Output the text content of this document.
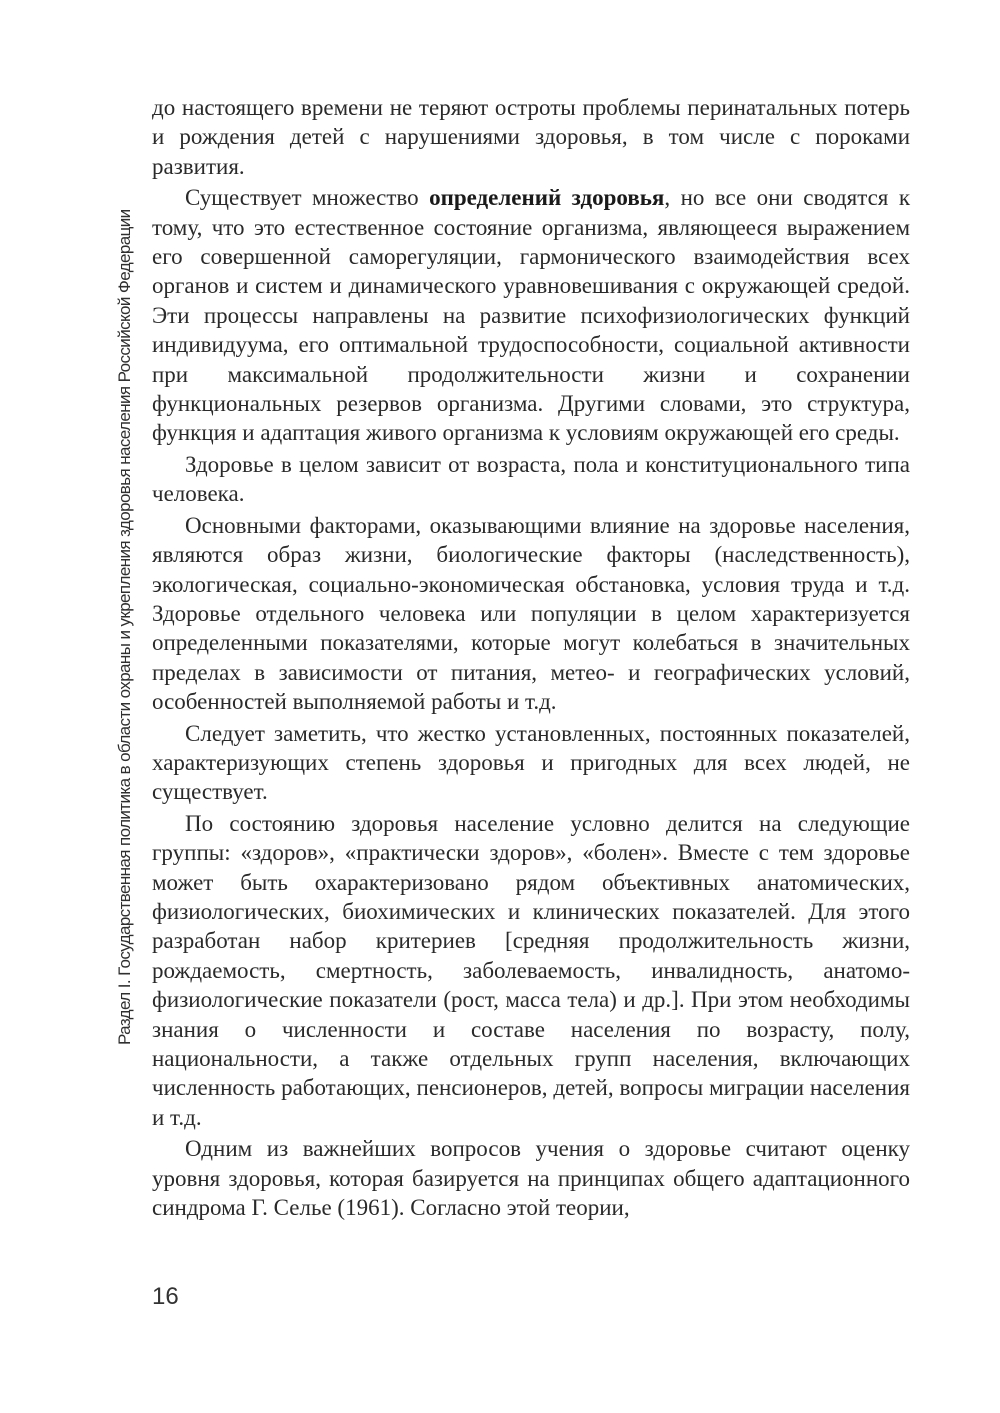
Раздел I. Государственная политика в области охраны и укрепления здоровья населения Российской Федерации

до настоящего времени не теряют остроты проблемы перинатальных потерь и рождения детей с нарушениями здоровья, в том числе с пороками развития.

Существует множество определений здоровья, но все они сводятся к тому, что это естественное состояние организма, являющееся выражением его совершенной саморегуляции, гармонического взаимодействия всех органов и систем и динамического уравновешивания с окружающей средой. Эти процессы направлены на развитие психофизиологических функций индивидуума, его оптимальной трудоспособности, социальной активности при максимальной продолжительности жизни и сохранении функциональных резервов организма. Другими словами, это структура, функция и адаптация живого организма к условиям окружающей его среды.

Здоровье в целом зависит от возраста, пола и конституционального типа человека.

Основными факторами, оказывающими влияние на здоровье населения, являются образ жизни, биологические факторы (наследственность), экологическая, социально-экономическая обстановка, условия труда и т.д. Здоровье отдельного человека или популяции в целом характеризуется определенными показателями, которые могут колебаться в значительных пределах в зависимости от питания, метео- и географических условий, особенностей выполняемой работы и т.д.

Следует заметить, что жестко установленных, постоянных показателей, характеризующих степень здоровья и пригодных для всех людей, не существует.

По состоянию здоровья население условно делится на следующие группы: «здоров», «практически здоров», «болен». Вместе с тем здоровье может быть охарактеризовано рядом объективных анатомических, физиологических, биохимических и клинических показателей. Для этого разработан набор критериев [средняя продолжительность жизни, рождаемость, смертность, заболеваемость, инвалидность, анатомо-физиологические показатели (рост, масса тела) и др.]. При этом необходимы знания о численности и составе населения по возрасту, полу, национальности, а также отдельных групп населения, включающих численность работающих, пенсионеров, детей, вопросы миграции населения и т.д.

Одним из важнейших вопросов учения о здоровье считают оценку уровня здоровья, которая базируется на принципах общего адаптационного синдрома Г. Селье (1961). Согласно этой теории,

16
